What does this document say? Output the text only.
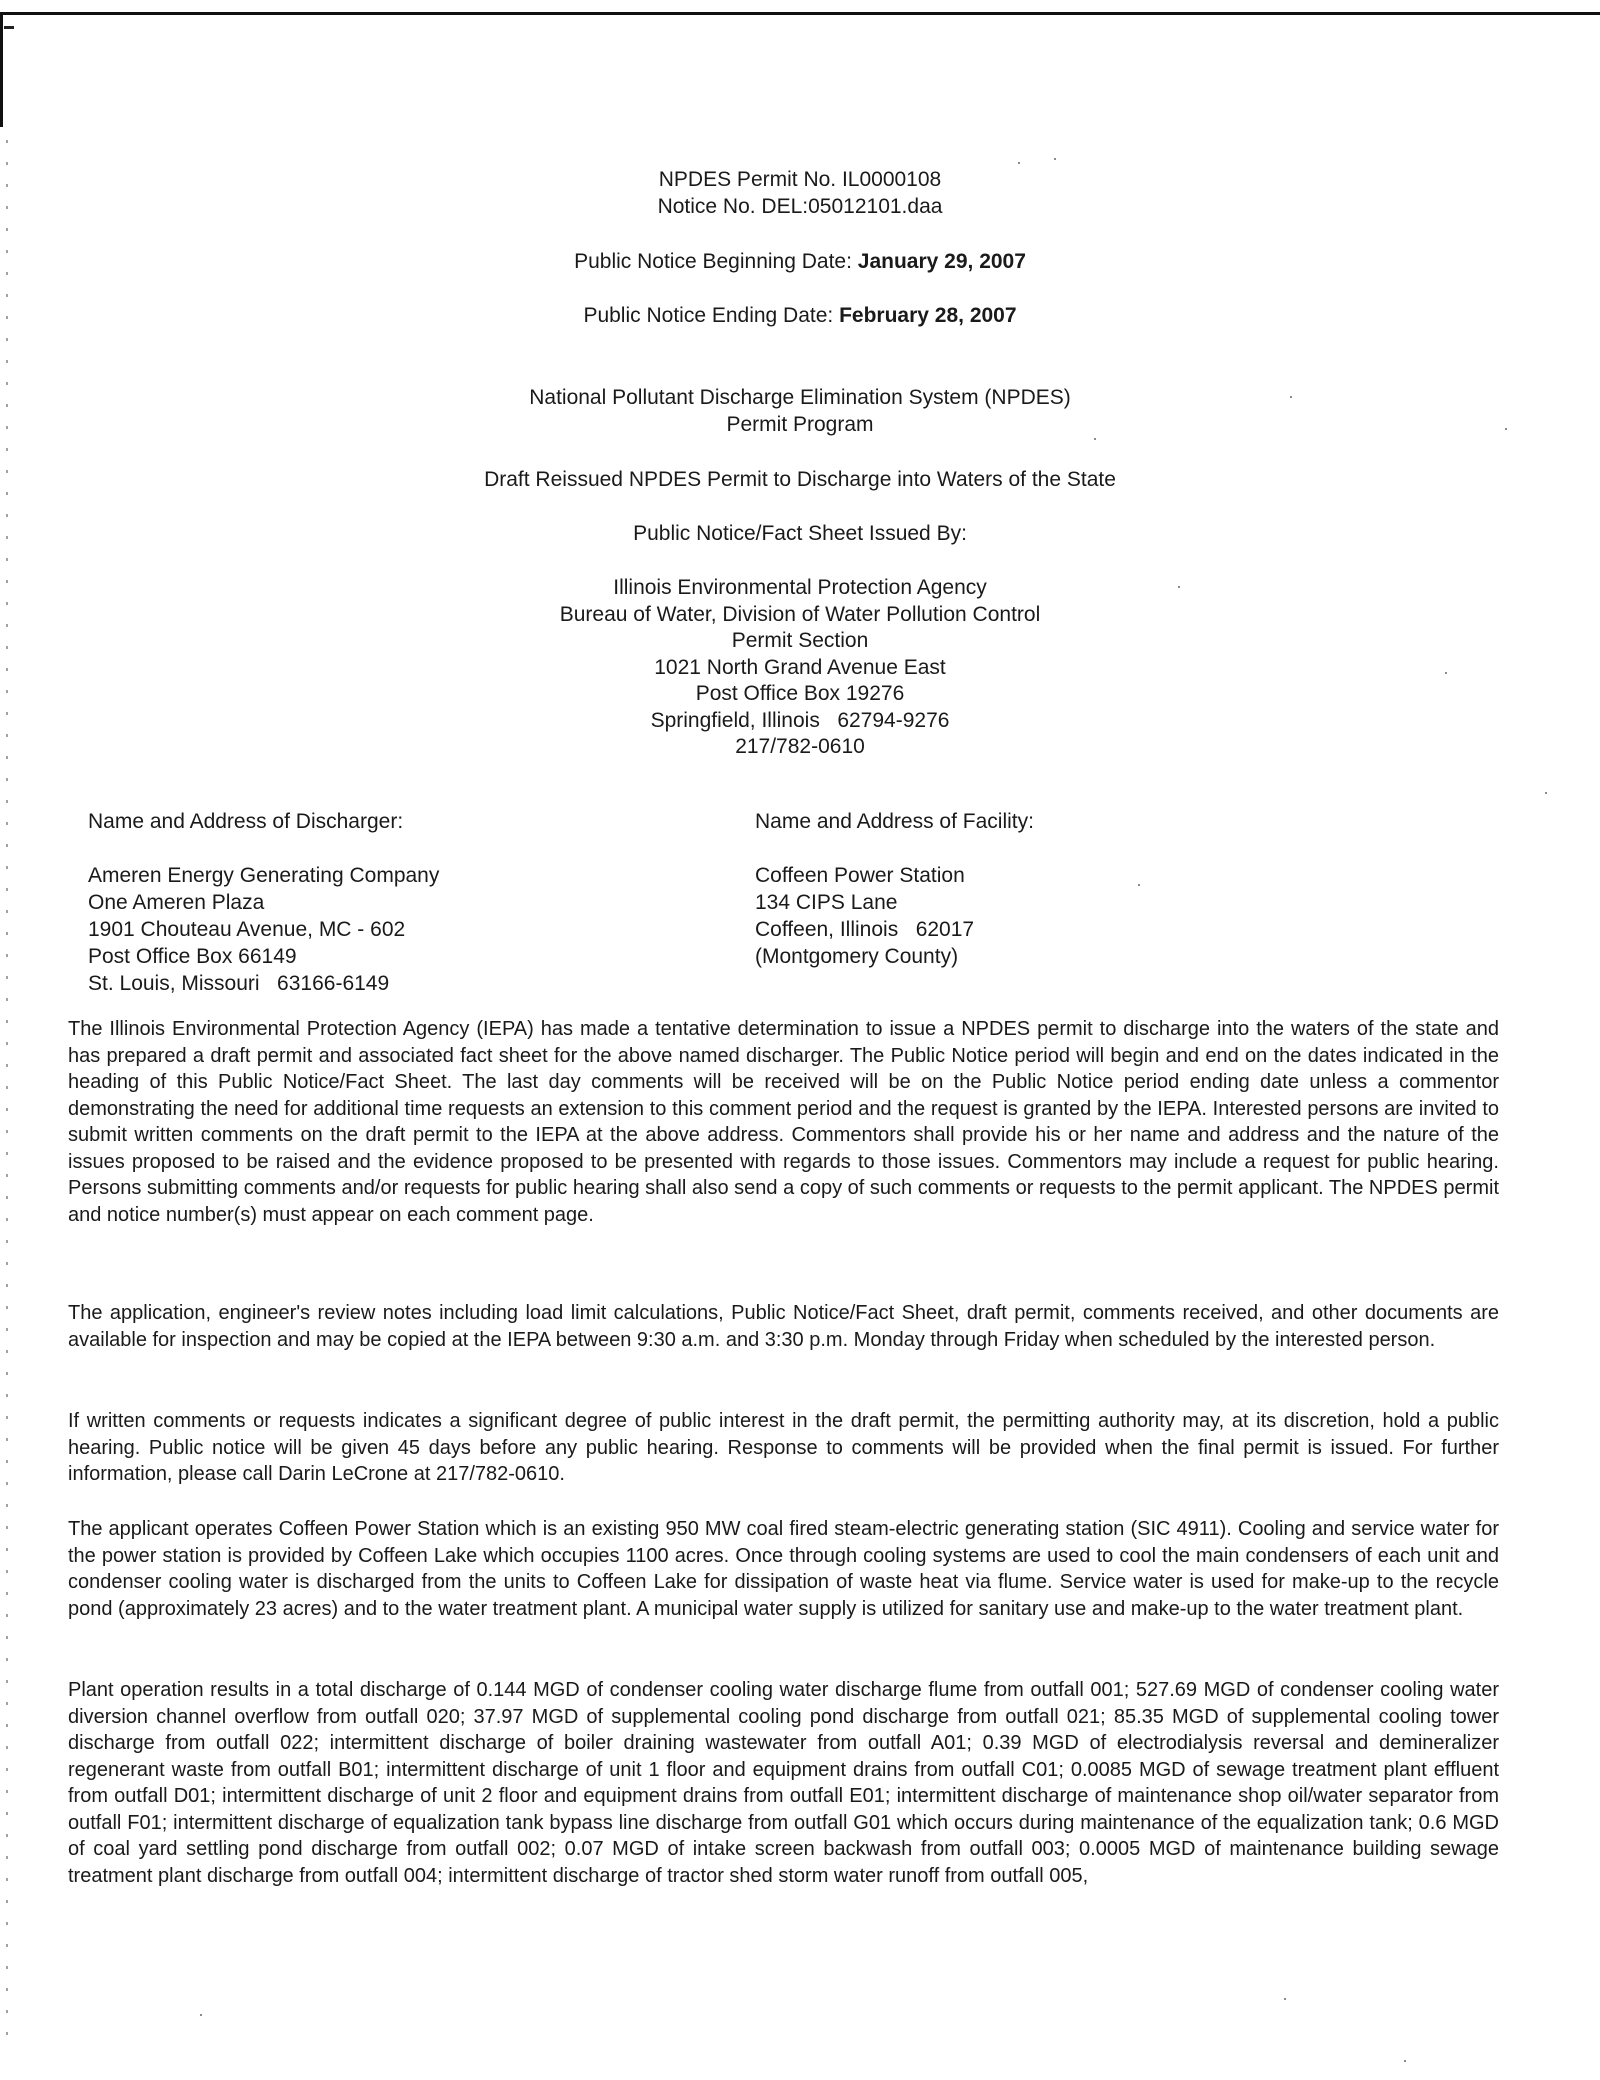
NPDES Permit No. IL0000108
Notice No. DEL:05012101.daa
Public Notice Beginning Date: January 29, 2007
Public Notice Ending Date: February 28, 2007
National Pollutant Discharge Elimination System (NPDES)
Permit Program
Draft Reissued NPDES Permit to Discharge into Waters of the State
Public Notice/Fact Sheet Issued By:
Illinois Environmental Protection Agency
Bureau of Water, Division of Water Pollution Control
Permit Section
1021 North Grand Avenue East
Post Office Box 19276
Springfield, Illinois   62794-9276
217/782-0610
Name and Address of Discharger:
Ameren Energy Generating Company
One Ameren Plaza
1901 Chouteau Avenue, MC - 602
Post Office Box 66149
St. Louis, Missouri   63166-6149
Name and Address of Facility:
Coffeen Power Station
134 CIPS Lane
Coffeen, Illinois   62017
(Montgomery County)

The Illinois Environmental Protection Agency (IEPA) has made a tentative determination to issue a NPDES permit to discharge into the waters of the state and has prepared a draft permit and associated fact sheet for the above named discharger. The Public Notice period will begin and end on the dates indicated in the heading of this Public Notice/Fact Sheet. The last day comments will be received will be on the Public Notice period ending date unless a commentor demonstrating the need for additional time requests an extension to this comment period and the request is granted by the IEPA. Interested persons are invited to submit written comments on the draft permit to the IEPA at the above address. Commentors shall provide his or her name and address and the nature of the issues proposed to be raised and the evidence proposed to be presented with regards to those issues. Commentors may include a request for public hearing. Persons submitting comments and/or requests for public hearing shall also send a copy of such comments or requests to the permit applicant. The NPDES permit and notice number(s) must appear on each comment page.

The application, engineer's review notes including load limit calculations, Public Notice/Fact Sheet, draft permit, comments received, and other documents are available for inspection and may be copied at the IEPA between 9:30 a.m. and 3:30 p.m. Monday through Friday when scheduled by the interested person.

If written comments or requests indicates a significant degree of public interest in the draft permit, the permitting authority may, at its discretion, hold a public hearing. Public notice will be given 45 days before any public hearing. Response to comments will be provided when the final permit is issued. For further information, please call Darin LeCrone at 217/782-0610.

The applicant operates Coffeen Power Station which is an existing 950 MW coal fired steam-electric generating station (SIC 4911). Cooling and service water for the power station is provided by Coffeen Lake which occupies 1100 acres. Once through cooling systems are used to cool the main condensers of each unit and condenser cooling water is discharged from the units to Coffeen Lake for dissipation of waste heat via flume. Service water is used for make-up to the recycle pond (approximately 23 acres) and to the water treatment plant. A municipal water supply is utilized for sanitary use and make-up to the water treatment plant.

Plant operation results in a total discharge of 0.144 MGD of condenser cooling water discharge flume from outfall 001; 527.69 MGD of condenser cooling water diversion channel overflow from outfall 020; 37.97 MGD of supplemental cooling pond discharge from outfall 021; 85.35 MGD of supplemental cooling tower discharge from outfall 022; intermittent discharge of boiler draining wastewater from outfall A01; 0.39 MGD of electrodialysis reversal and demineralizer regenerant waste from outfall B01; intermittent discharge of unit 1 floor and equipment drains from outfall C01; 0.0085 MGD of sewage treatment plant effluent from outfall D01; intermittent discharge of unit 2 floor and equipment drains from outfall E01; intermittent discharge of maintenance shop oil/water separator from outfall F01; intermittent discharge of equalization tank bypass line discharge from outfall G01 which occurs during maintenance of the equalization tank; 0.6 MGD of coal yard settling pond discharge from outfall 002; 0.07 MGD of intake screen backwash from outfall 003; 0.0005 MGD of maintenance building sewage treatment plant discharge from outfall 004; intermittent discharge of tractor shed storm water runoff from outfall 005,
